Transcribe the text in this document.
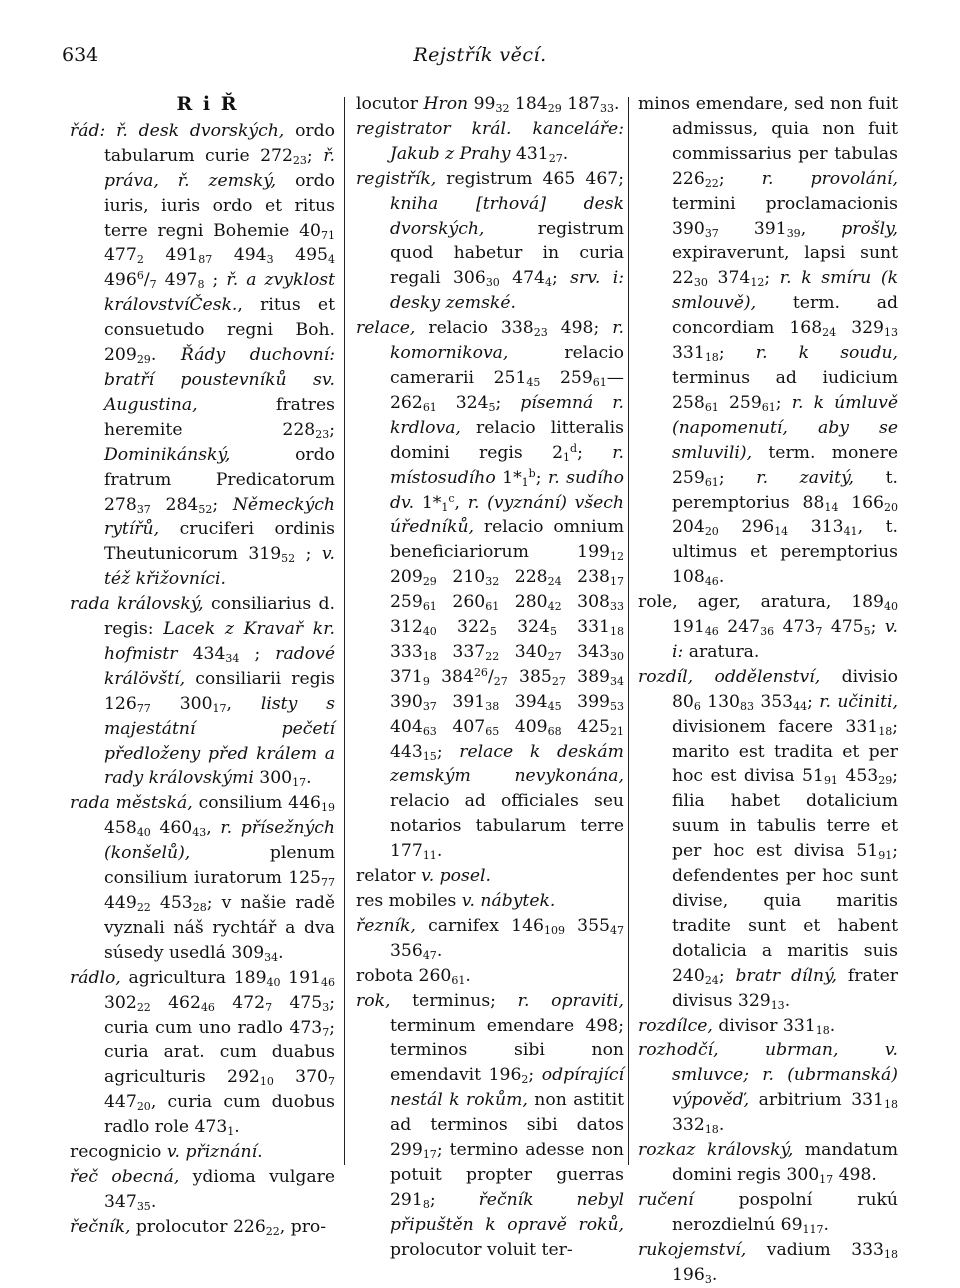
634	Rejstřík věcí.
R i Ř

řád: ř. desk dvorských, ordo tabularum curie $272_{23}$; ř. práva, ř. zemský, ordo iuris, iuris ordo et ritus terre regni Bohemie $40_{71}$ $477_2$ $491_{87}$ $494_3$ $495_4$ $496^6/_7$ $497_8$ ; ř. a zvyklost královstvíČesk., ritus et consuetudo regni Boh. $209_{29}$. Řády duchovní: bratří poustevníků sv. Augustina, fratres heremite $228_{23}$; Dominikánský, ordo fratrum Predicatorum $278_{37}$ $284_{52}$; Německých rytířů, cruciferi ordinis Theutunicorum $319_{52}$ ; v. též křižovníci.

rada královský, consiliarius d. regis: Lacek z Kravař kr. hofmistr $434_{34}$ ; radové králövští, consiliarii regis $126_{77}$ $300_{17}$, listy s majestátní pečetí předloženy před králem a rady královskými $300_{17}$.

rada městská, consilium $446_{19}$ $458_{40}$ $460_{43}$, r. přísežných (konšelů), plenum consilium iuratorum $125_{77}$ $449_{22}$ $453_{28}$; v našie radě vyznali náš rychtář a dva súsedy usedlá $309_{34}$.

rádlo, agricultura $189_{40}$ $191_{46}$ $302_{22}$ $462_{46}$ $472_7$ $475_3$; curia cum uno radlo $473_7$; curia arat. cum duabus agriculturis $292_{10}$ $370_7$ $447_{20}$, curia cum duobus radlo role $473_1$.

recognicio v. přiznání.

řeč obecná, ydioma vulgare $347_{35}$.

řečník, prolocutor $226_{22}$, pro-

locutor Hron $99_{32}$ $184_{29}$ $187_{33}$.

registrator král. kanceláře: Jakub z Prahy $431_{27}$.

registřík, registrum 465 467; kniha [trhová] desk dvorských, registrum quod habetur in curia regali $306_{30}$ $474_4$; srv. i: desky zemské.

relace, relacio $338_{23}$ 498; r. komornikova, relacio camerarii $251_{45}$ $259_{61}—262_{61}$ $324_5$; písemná r. krdlova, relacio litteralis domini regis $2_1^d$; r. místosudího $1*_1^b$; r. sudího dv. $1*_1^c$, r. (vyznání) všech úředníků, relacio omnium beneficiariorum $199_{12}$ $209_{29}$ $210_{32}$ $228_{24}$ $238_{17}$ $259_{61}$ $260_{61}$ $280_{42}$ $308_{33}$ $312_{40}$ $322_5$ $324_5$ $331_{18}$ $333_{18}$ $337_{22}$ $340_{27}$ $343_{30}$ $371_9$ $384^{26}/_{27}$ $385_{27}$ $389_{34}$ $390_{37}$ $391_{38}$ $394_{45}$ $399_{53}$ $404_{63}$ $407_{65}$ $409_{68}$ $425_{21}$ $443_{15}$; relace k deskám zemským nevykonána, relacio ad officiales seu notarios tabularum terre $177_{11}$.

relator v. posel.

res mobiles v. nábytek.

řezník, carnifex $146_{109}$ $355_{47}$ $356_{47}$.

robota $260_{61}$.

rok, terminus; r. opraviti, terminum emendare 498; terminos sibi non emendavit $196_2$; odpírající nestál k rokům, non astitit ad terminos sibi datos $299_{17}$; termino adesse non potuit propter guerras $291_8$; řečník nebyl připuštěn k opravě roků, prolocutor voluit ter-

minos emendare, sed non fuit admissus, quia non fuit commissarius per tabulas $226_{22}$; r. provolání, termini proclamacionis $390_{37}$ $391_{39}$, prošly, expiraverunt, lapsi sunt $22_{30}$ $374_{12}$; r. k smíru (k smlouvě), term. ad concordiam $168_{24}$ $329_{13}$ $331_{18}$; r. k soudu, terminus ad iudicium $258_{61}$ $259_{61}$; r. k úmluvě (napomenutí, aby se smluvili), term. monere $259_{61}$; r. zavitý, t. peremptorius $88_{14}$ $166_{20}$ $204_{20}$ $296_{14}$ $313_{41}$, t. ultimus et peremptorius $108_{46}$.

role, ager, aratura, $189_{40}$ $191_{46}$ $247_{36}$ $473_7$ $475_5$; v. i: aratura.

rozdíl, oddělenství, divisio $80_6$ $130_{83}$ $353_{44}$; r. učiniti, divisionem facere $331_{18}$; marito est tradita et per hoc est divisa $51_{91}$ $453_{29}$; filia habet dotalicium suum in tabulis terre et per hoc est divisa $51_{91}$; defendentes per hoc sunt divise, quia maritis tradite sunt et habent dotalicia a maritis suis $240_{24}$; bratr dílný, frater divisus $329_{13}$.

rozdílce, divisor $331_{18}$.

rozhodčí, ubrman, v. smluvce; r. (ubrmanská) výpověď, arbitrium $331_{18}$ $332_{18}$.

rozkaz královský, mandatum domini regis $300_{17}$ 498.

ručení pospolní rukú nerozdielnú $69_{117}$.

rukojemství, vadium $333_{18}$ $196_3$.
